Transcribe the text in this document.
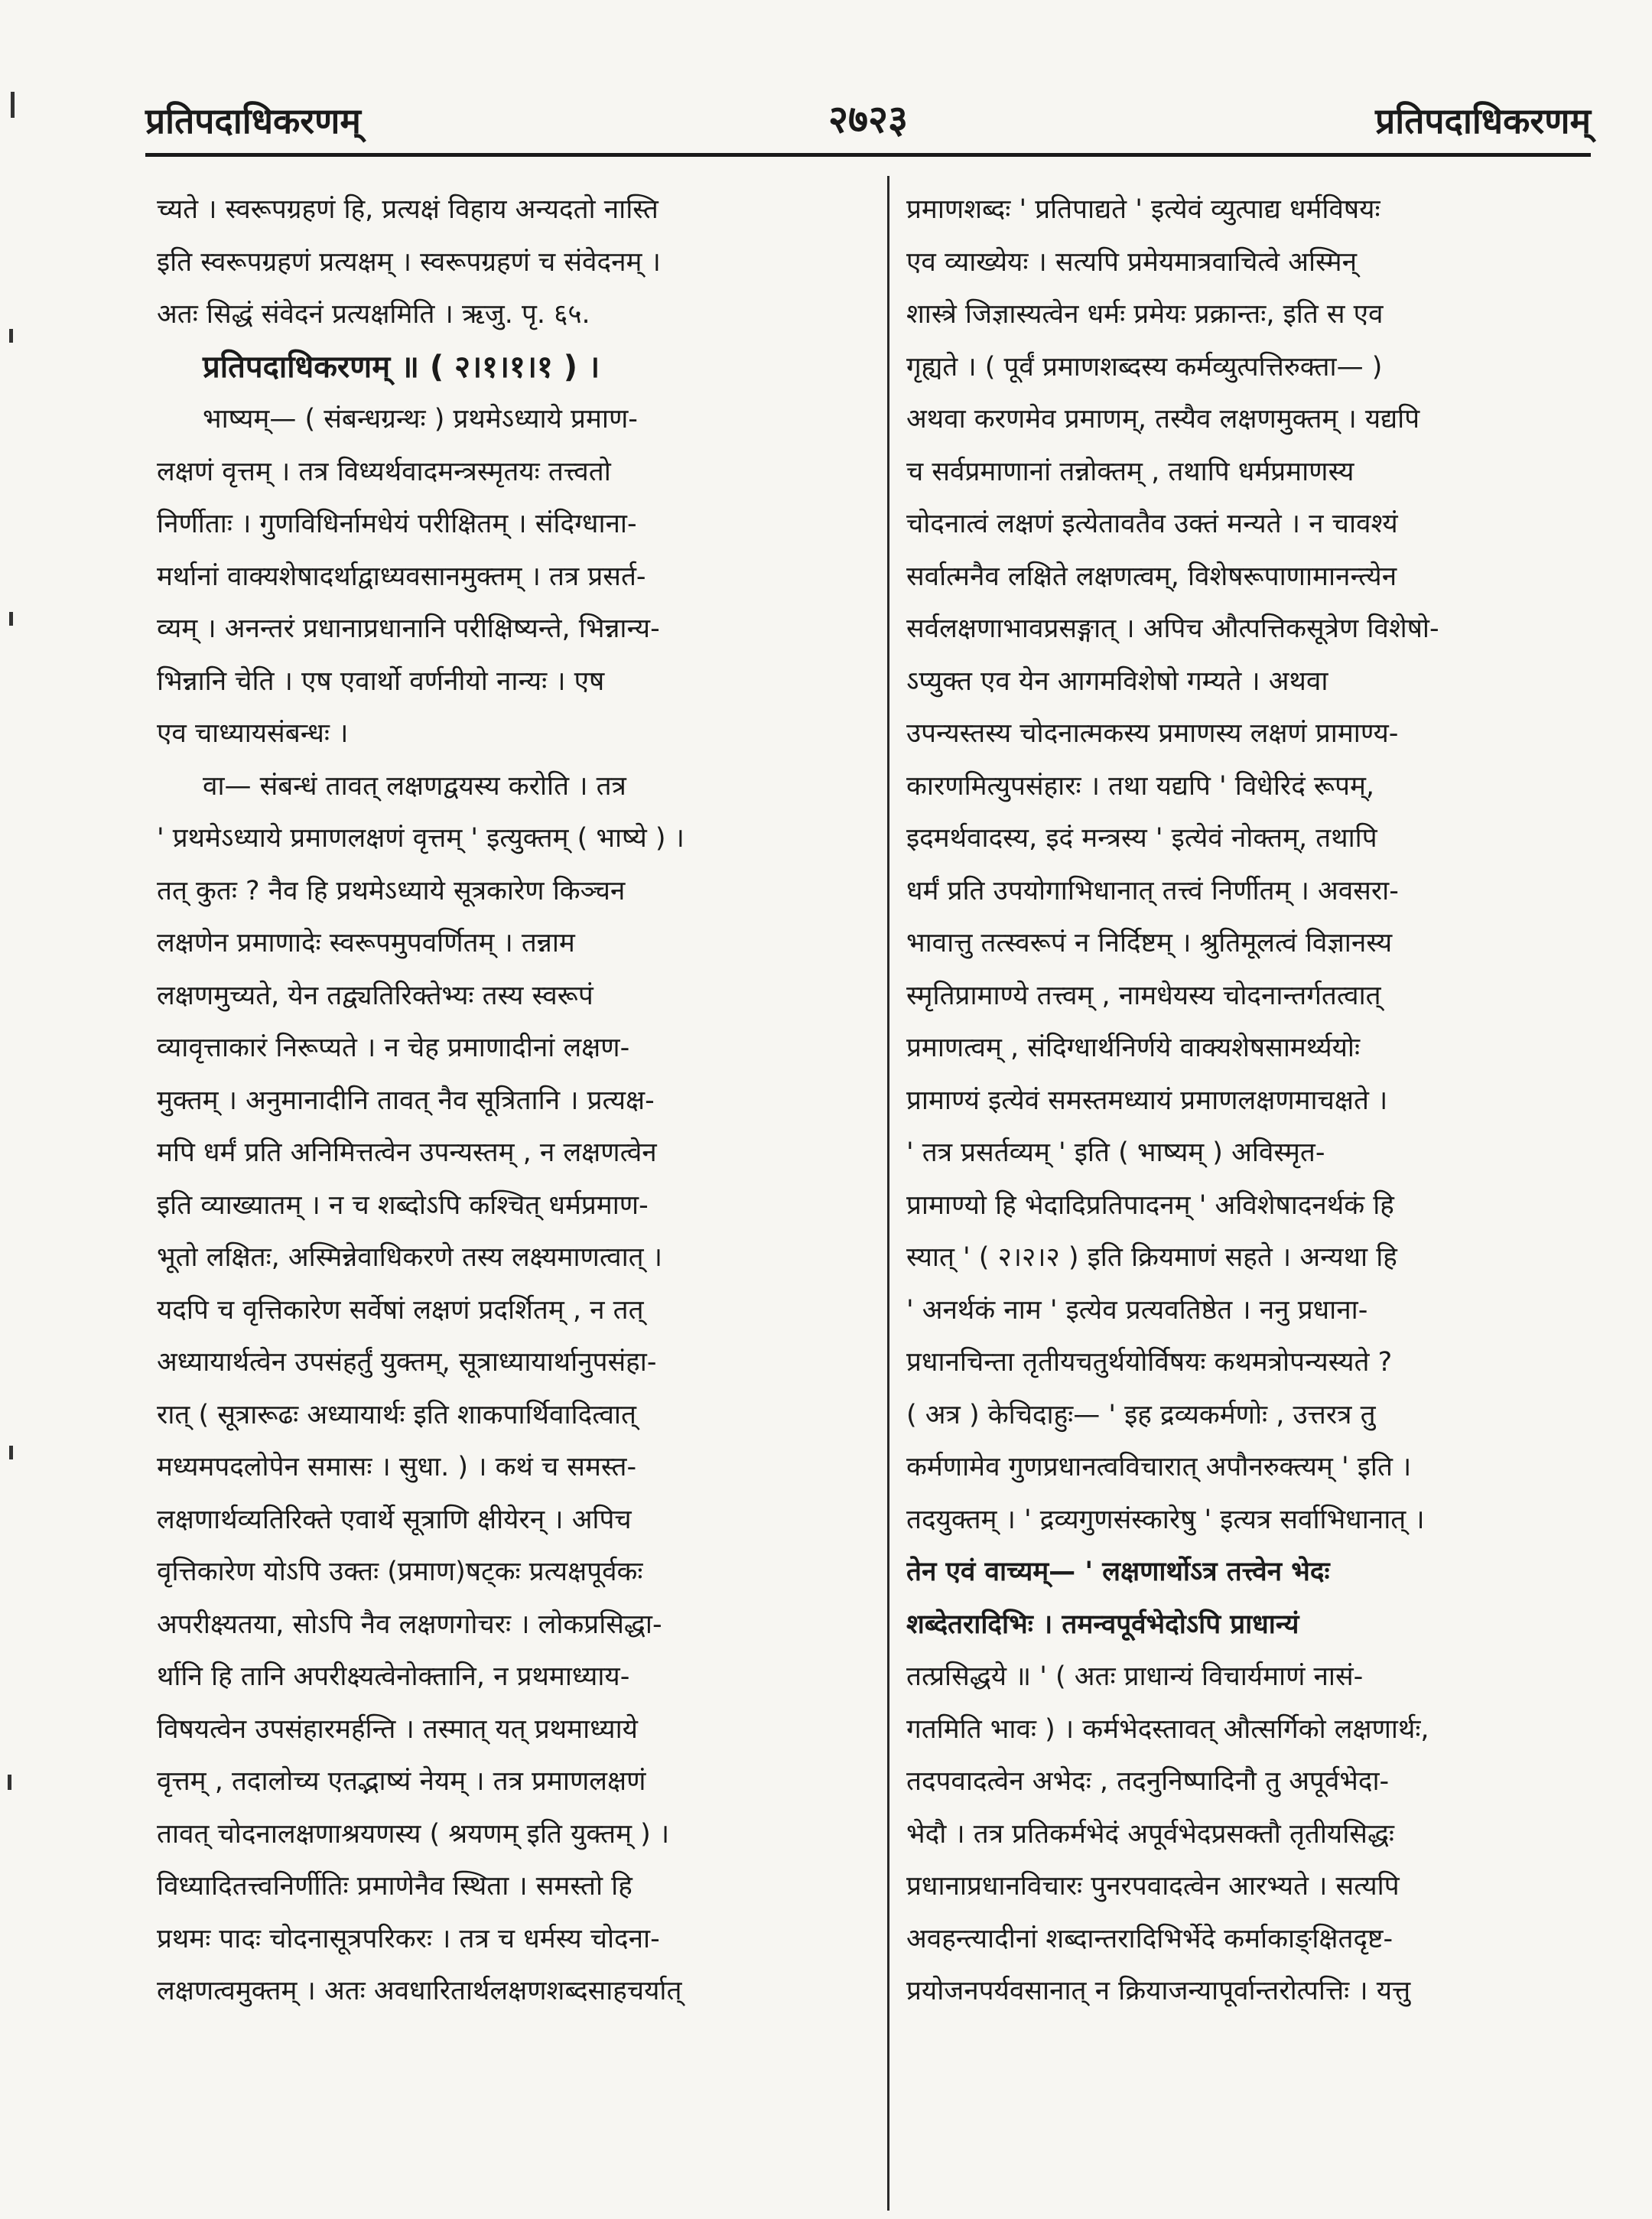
प्रतिपदाधिकरणम्	२७२३	प्रतिपदाधिकरणम्
च्यते । स्वरूपग्रहणं हि, प्रत्यक्षं विहाय अन्यदतो नास्ति
इति स्वरूपग्रहणं प्रत्यक्षम् । स्वरूपग्रहणं च संवेदनम् ।
अतः सिद्धं संवेदनं प्रत्यक्षमिति । ऋजु. पृ. ६५.
प्रतिपदाधिकरणम् ॥ ( २।१।१।१ ) ।
भाष्यम्— ( संबन्धग्रन्थः ) प्रथमेऽध्याये प्रमाण-
लक्षणं वृत्तम् । तत्र विध्यर्थवादमन्त्रस्मृतयः तत्त्वतो
निर्णीताः । गुणविधिर्नामधेयं परीक्षितम् । संदिग्धाना-
मर्थानां वाक्यशेषादर्थाद्वाध्यवसानमुक्तम् । तत्र प्रसर्त-
व्यम् । अनन्तरं प्रधानाप्रधानानि परीक्षिष्यन्ते, भिन्नान्य-
भिन्नानि चेति । एष एवार्थो वर्णनीयो नान्यः । एष
एव चाध्यायसंबन्धः ।
वा— संबन्धं तावत् लक्षणद्वयस्य करोति । तत्र
' प्रथमेऽध्याये प्रमाणलक्षणं वृत्तम् ' इत्युक्तम् ( भाष्ये ) ।
तत् कुतः ? नैव हि प्रथमेऽध्याये सूत्रकारेण किञ्चन
लक्षणेन प्रमाणादेः स्वरूपमुपवर्णितम् । तन्नाम
लक्षणमुच्यते, येन तद्व्यतिरिक्तेभ्यः तस्य स्वरूपं
व्यावृत्ताकारं निरूप्यते । न चेह प्रमाणादीनां लक्षण-
मुक्तम् । अनुमानादीनि तावत् नैव सूत्रितानि । प्रत्यक्ष-
मपि धर्मं प्रति अनिमित्तत्वेन उपन्यस्तम् , न लक्षणत्वेन
इति व्याख्यातम् । न च शब्दोऽपि कश्चित् धर्मप्रमाण-
भूतो लक्षितः, अस्मिन्नेवाधिकरणे तस्य लक्ष्यमाणत्वात् ।
यदपि च वृत्तिकारेण सर्वेषां लक्षणं प्रदर्शितम् , न तत्
अध्यायार्थत्वेन उपसंहर्तुं युक्तम्, सूत्राध्यायार्थानुपसंहा-
रात् ( सूत्रारूढः अध्यायार्थः इति शाकपार्थिवादित्वात्
मध्यमपदलोपेन समासः । सुधा. ) । कथं च समस्त-
लक्षणार्थव्यतिरिक्ते एवार्थे सूत्राणि क्षीयेरन् । अपिच
वृत्तिकारेण योऽपि उक्तः (प्रमाण)षट्कः प्रत्यक्षपूर्वकः
अपरीक्ष्यतया, सोऽपि नैव लक्षणगोचरः । लोकप्रसिद्धा-
र्थानि हि तानि अपरीक्ष्यत्वेनोक्तानि, न प्रथमाध्याय-
विषयत्वेन उपसंहारमर्हन्ति । तस्मात् यत् प्रथमाध्याये
वृत्तम् , तदालोच्य एतद्भाष्यं नेयम् । तत्र प्रमाणलक्षणं
तावत् चोदनालक्षणाश्रयणस्य ( श्रयणम् इति युक्तम् ) ।
विध्यादितत्त्वनिर्णीतिः प्रमाणेनैव स्थिता । समस्तो हि
प्रथमः पादः चोदनासूत्रपरिकरः । तत्र च धर्मस्य चोदना-
लक्षणत्वमुक्तम् । अतः अवधारितार्थलक्षणशब्दसाहचर्यात्
प्रमाणशब्दः ' प्रतिपाद्यते ' इत्येवं व्युत्पाद्य धर्मविषयः
एव व्याख्येयः । सत्यपि प्रमेयमात्रवाचित्वे अस्मिन्
शास्त्रे जिज्ञास्यत्वेन धर्मः प्रमेयः प्रक्रान्तः, इति स एव
गृह्यते । ( पूर्वं प्रमाणशब्दस्य कर्मव्युत्पत्तिरुक्ता— )
अथवा करणमेव प्रमाणम्, तस्यैव लक्षणमुक्तम् । यद्यपि
च सर्वप्रमाणानां तन्नोक्तम् , तथापि धर्मप्रमाणस्य
चोदनात्वं लक्षणं इत्येतावतैव उक्तं मन्यते । न चावश्यं
सर्वात्मनैव लक्षिते लक्षणत्वम्, विशेषरूपाणामानन्त्येन
सर्वलक्षणाभावप्रसङ्गात् । अपिच औत्पत्तिकसूत्रेण विशेषो-
ऽप्युक्त एव येन आगमविशेषो गम्यते । अथवा
उपन्यस्तस्य चोदनात्मकस्य प्रमाणस्य लक्षणं प्रामाण्य-
कारणमित्युपसंहारः । तथा यद्यपि ' विधेरिदं रूपम्,
इदमर्थवादस्य, इदं मन्त्रस्य ' इत्येवं नोक्तम्, तथापि
धर्मं प्रति उपयोगाभिधानात् तत्त्वं निर्णीतम् । अवसरा-
भावात्तु तत्स्वरूपं न निर्दिष्टम् । श्रुतिमूलत्वं विज्ञानस्य
स्मृतिप्रामाण्ये तत्त्वम् , नामधेयस्य चोदनान्तर्गतत्वात्
प्रमाणत्वम् , संदिग्धार्थनिर्णये वाक्यशेषसामर्थ्ययोः
प्रामाण्यं इत्येवं समस्तमध्यायं प्रमाणलक्षणमाचक्षते ।
' तत्र प्रसर्तव्यम् ' इति ( भाष्यम् ) अविस्मृत-
प्रामाण्यो हि भेदादिप्रतिपादनम् ' अविशेषादनर्थकं हि
स्यात् ' ( २।२।२ ) इति क्रियमाणं सहते । अन्यथा हि
' अनर्थकं नाम ' इत्येव प्रत्यवतिष्ठेत । ननु प्रधाना-
प्रधानचिन्ता तृतीयचतुर्थयोर्विषयः कथमत्रोपन्यस्यते ?
( अत्र ) केचिदाहुः— ' इह द्रव्यकर्मणोः , उत्तरत्र तु
कर्मणामेव गुणप्रधानत्वविचारात् अपौनरुक्त्यम् ' इति ।
तदयुक्तम् । ' द्रव्यगुणसंस्कारेषु ' इत्यत्र सर्वाभिधानात् ।
तेन एवं वाच्यम्— ' लक्षणार्थोऽत्र तत्त्वेन भेदः
शब्देतरादिभिः । तमन्वपूर्वभेदोऽपि प्राधान्यं
तत्प्रसिद्धये ॥ ' ( अतः प्राधान्यं विचार्यमाणं नासं-
गतमिति भावः ) । कर्मभेदस्तावत् औत्सर्गिको लक्षणार्थः,
तदपवादत्वेन अभेदः , तदनुनिष्पादिनौ तु अपूर्वभेदा-
भेदौ । तत्र प्रतिकर्मभेदं अपूर्वभेदप्रसक्तौ तृतीयसिद्धः
प्रधानाप्रधानविचारः पुनरपवादत्वेन आरभ्यते । सत्यपि
अवहन्त्यादीनां शब्दान्तरादिभिर्भेदे कर्माकाङ्क्षितदृष्ट-
प्रयोजनपर्यवसानात् न क्रियाजन्यापूर्वान्तरोत्पत्तिः । यत्तु
